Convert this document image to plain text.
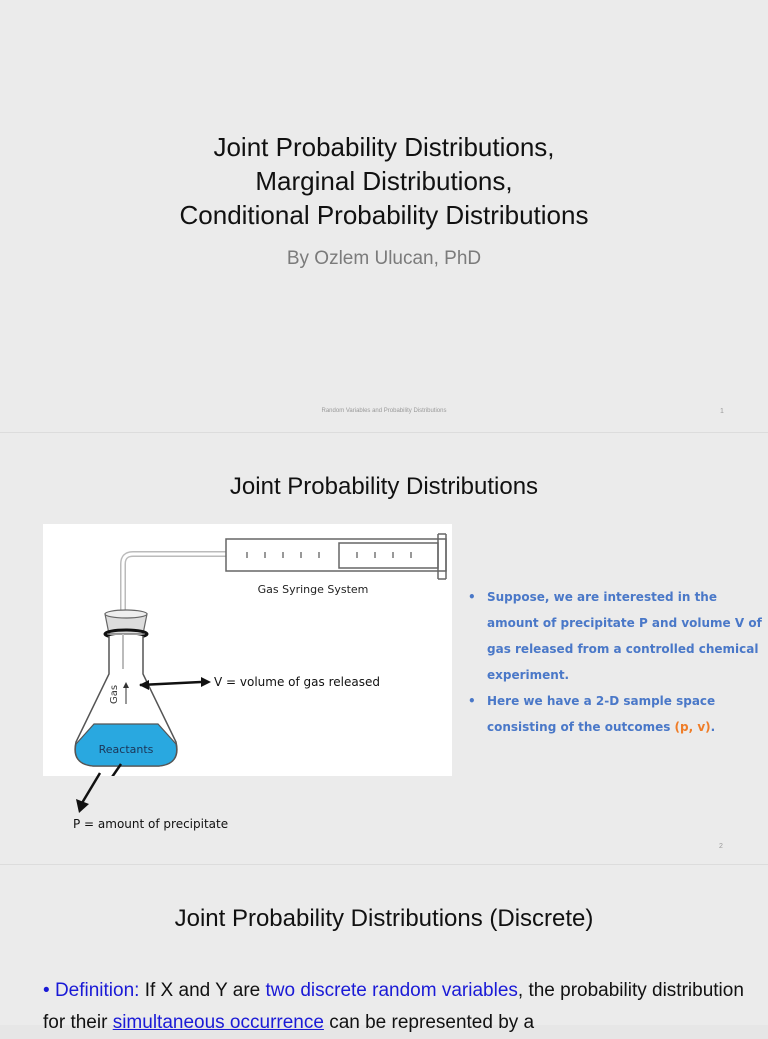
Joint Probability Distributions,
Marginal Distributions,
Conditional Probability Distributions
By Ozlem Ulucan, PhD
Random Variables and Probability Distributions	1
Joint Probability Distributions
Gas Syringe System
Reactants
Gas
V = volume of gas released
P = amount of precipitate
• Suppose, we are interested in the amount of precipitate P and volume V of gas released from a controlled chemical experiment.
• Here we have a 2-D sample space consisting of the outcomes (p, v).
2
Joint Probability Distributions (Discrete)
• Definition: If X and Y are two discrete random variables, the probability distribution for their simultaneous occurrence can be represented by a
